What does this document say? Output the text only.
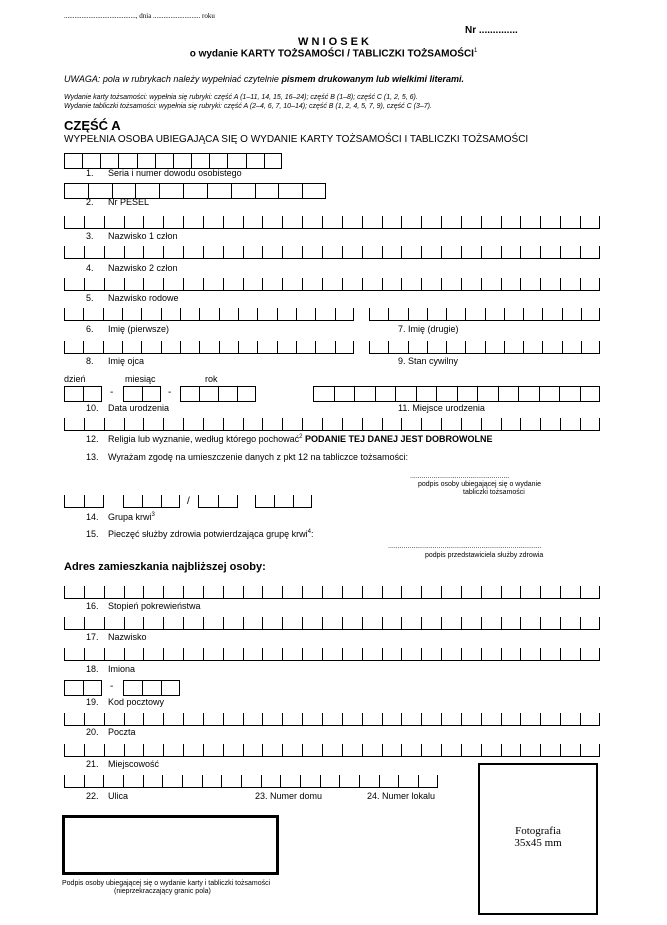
........................................., dnia ........................... roku
Nr ..............
W N I O S E K
o wydanie KARTY TOŻSAMOŚCI / TABLICZKI TOŻSAMOŚCI$^1$
UWAGA: pola w rubrykach należy wypełniać czytelnie pismem drukowanym lub wielkimi literami.
Wydanie karty tożsamości: wypełnia się rubryki: część A (1–11, 14, 15, 16–24); część B (1–8); część C (1, 2, 5, 6).
Wydanie tabliczki tożsamości: wypełnia się rubryki: część A (2–4, 6, 7, 10–14); część B (1, 2, 4, 5, 7, 9), część C (3–7).
CZĘŚĆ A
WYPEŁNIA OSOBA UBIEGAJĄCA SIĘ O WYDANIE KARTY TOŻSAMOŚCI I TABLICZKI TOŻSAMOŚCI
1. Seria i numer dowodu osobistego
2. Nr PESEL
3. Nazwisko 1 człon
4. Nazwisko 2 człon
5. Nazwisko rodowe
6. Imię (pierwsze)	7. Imię (drugie)
8. Imię ojca	9. Stan cywilny
dzień	miesiąc	rok
-	-
10. Data urodzenia	11. Miejsce urodzenia
12. Religia lub wyznanie, według którego pochować$^2$ PODANIE TEJ DANEJ JEST DOBROWOLNE
13. Wyrażam zgodę na umieszczenie danych z pkt 12 na tabliczce tożsamości:
...................................................
podpis osoby ubiegającej się o wydanie
tabliczki tożsamości
/
14. Grupa krwi$^3$
15. Pieczęć służby zdrowia potwierdzająca grupę krwi$^4$:
...............................................................................
podpis przedstawiciela służby zdrowia
Adres zamieszkania najbliższej osoby:
16. Stopień pokrewieństwa
17. Nazwisko
18. Imiona
-
19. Kod pocztowy
20. Poczta
21. Miejscowość
22. Ulica	23. Numer domu	24. Numer lokalu
Podpis osoby ubiegającej się o wydanie karty i tabliczki tożsamości
(nieprzekraczający granic pola)
Fotografia
35x45 mm
